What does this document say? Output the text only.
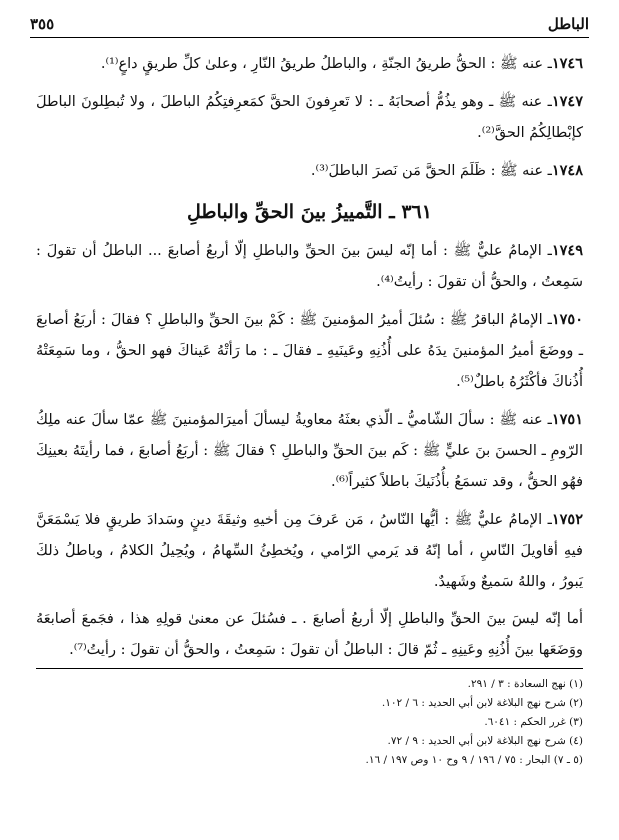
الباطل
٣٥٥

١٧٤٦ـ عنه ﷺ : الحقُّ طريقُ الجنّةِ ، والباطلُ طريقُ النّارِ ، وعلىٰ كلِّ طريقٍ داعٍ⁽¹⁾.

١٧٤٧ـ عنه ﷺ ـ وهو يذُمُّ أصحابَهُ ـ : لا تَعرِفونَ الحقَّ كمَعرِفتِكُمُ الباطلَ ، ولا تُبطِلونَ الباطلَ كإبْطالِكُمُ الحقَّ⁽²⁾.

١٧٤٨ـ عنه ﷺ : ظَلَمَ الحقَّ مَن نَصرَ الباطلَ⁽³⁾.

٣٦١ ـ التَّمييزُ بينَ الحقِّ والباطلِ

١٧٤٩ـ الإمامُ عليٌّ ﷺ : أما إنّه ليسَ بينَ الحقِّ والباطلِ إلّا أربعُ أصابعَ ... الباطلُ أن تقولَ : سَمِعتُ ، والحقُّ أن تقولَ : رأيتُ⁽⁴⁾.

١٧٥٠ـ الإمامُ الباقرُ ﷺ : سُئلَ أميرُ المؤمنينَ ﷺ : كَمْ بينَ الحقِّ والباطلِ ؟ فقالَ : أربَعُ أصابعَ ـ ووضَعَ أميرُ المؤمنينَ يدَهُ على أُذُنِهِ وعَينَيهِ ـ فقالَ ـ : ما رَأتْهُ عَيناكَ فهو الحقُّ ، وما سَمِعَتْهُ أُذُناكَ فأكْثَرُهُ باطلٌ⁽⁵⁾.

١٧٥١ـ عنه ﷺ : سألَ الشّاميُّ ـ الّذي بعثَهُ معاويةُ ليسألَ أميرَالمؤمنينَ ﷺ عمّا سألَ عنه ملِكُ الرّومِ ـ الحسنَ بنَ عليٍّ ﷺ : كَم بينَ الحقِّ والباطلِ ؟ فقالَ ﷺ : أربَعُ أصابعَ ، فما رأيتَهُ بعينِكَ فهُو الحقُّ ، وقد تسمَعُ بأُذُنَيكَ باطلاً كثيراً⁽⁶⁾.

١٧٥٢ـ الإمامُ عليٌّ ﷺ : أيُّها النّاسُ ، مَن عَرفَ مِن أخيهِ وثيقَةَ دينٍ وسَدادَ طريقٍ فلا يَسْمَعَنَّ فيهِ أقاويلَ النّاسِ ، أما إنّهُ قد يَرمي الرّامي ، ويُخطِئُ السِّهامُ ، ويُحِيلُ الكلامُ ، وباطلُ ذلكَ يَبورُ ، واللهُ سَميعٌ وشَهيدٌ.

أما إنّه ليسَ بينَ الحقِّ والباطلِ إلّا أربعُ أصابعَ . ـ فسُئلَ عن معنىٰ قولِهِ هذا ، فجَمعَ أصابعَهُ ووَضَعَها بينَ أُذُنِهِ وعَينِهِ ـ ثُمّ قالَ : الباطلُ أن تقولَ : سَمِعتُ ، والحقُّ أن تقولَ : رأيتُ⁽⁷⁾.

(١) نهج السعادة : ٣ / ٢٩١.

(٢) شرح نهج البلاغة لابن أبي الحديد : ٦ / ١٠٢.

(٣) غرر الحكم : ٦٠٤١.

(٤) شرح نهج البلاغة لابن أبي الحديد : ٩ / ٧٢.

(٥ ـ ٧) البحار : ٧٥ / ١٩٦ / ٩ وح ١٠ وص ١٩٧ / ١٦.
